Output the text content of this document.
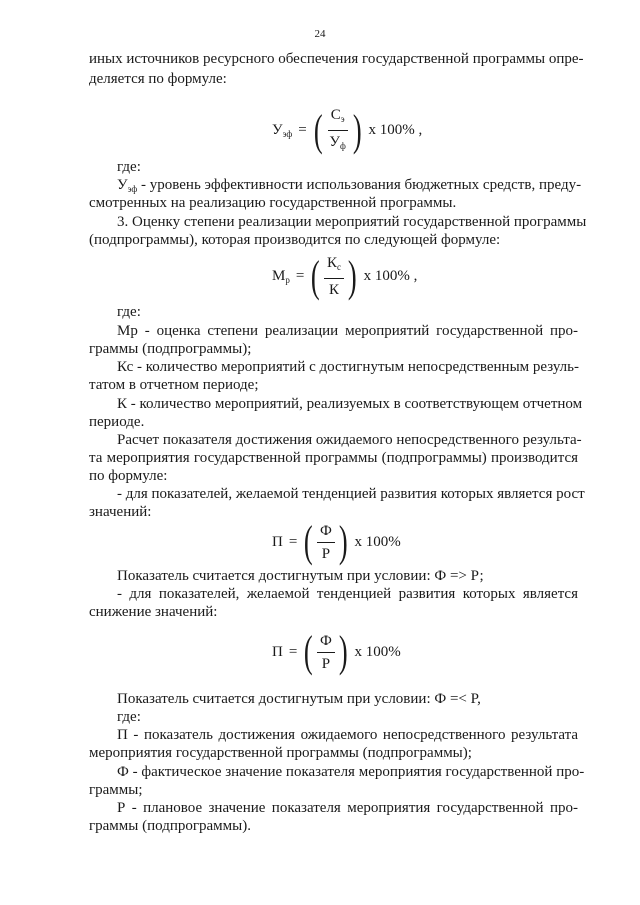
24
иных источников ресурсного обеспечения государственной программы опре-
деляется по формуле:
$У_{эф}$ = ( $\frac{С_э}{У_ф}$ ) х 100% ,
где:
$У_{эф}$ - уровень эффективности использования бюджетных средств, преду-
смотренных на реализацию государственной программы.
3. Оценку степени реализации мероприятий государственной программы
(подпрограммы), которая производится по следующей формуле:
$М_р$ = ( $\frac{К_с}{К}$ ) х 100% ,
где:
Мр - оценка степени реализации мероприятий государственной про-
граммы (подпрограммы);
Кс - количество мероприятий с достигнутым непосредственным резуль-
татом в отчетном периоде;
К - количество мероприятий, реализуемых в соответствующем отчетном
периоде.
Расчет показателя достижения ожидаемого непосредственного результа-
та мероприятия государственной программы (подпрограммы) производится
по формуле:
- для показателей, желаемой тенденцией развития которых является рост
значений:
П = ( $\frac{Ф}{Р}$ ) х 100%
Показатель считается достигнутым при условии: Ф => Р;
- для показателей, желаемой тенденцией развития которых является
снижение значений:
П = ( $\frac{Ф}{Р}$ ) х 100%
Показатель считается достигнутым при условии: Ф =< Р,
где:
П - показатель достижения ожидаемого непосредственного результата
мероприятия государственной программы (подпрограммы);
Ф - фактическое значение показателя мероприятия государственной про-
граммы;
Р - плановое значение показателя мероприятия государственной про-
граммы (подпрограммы).
